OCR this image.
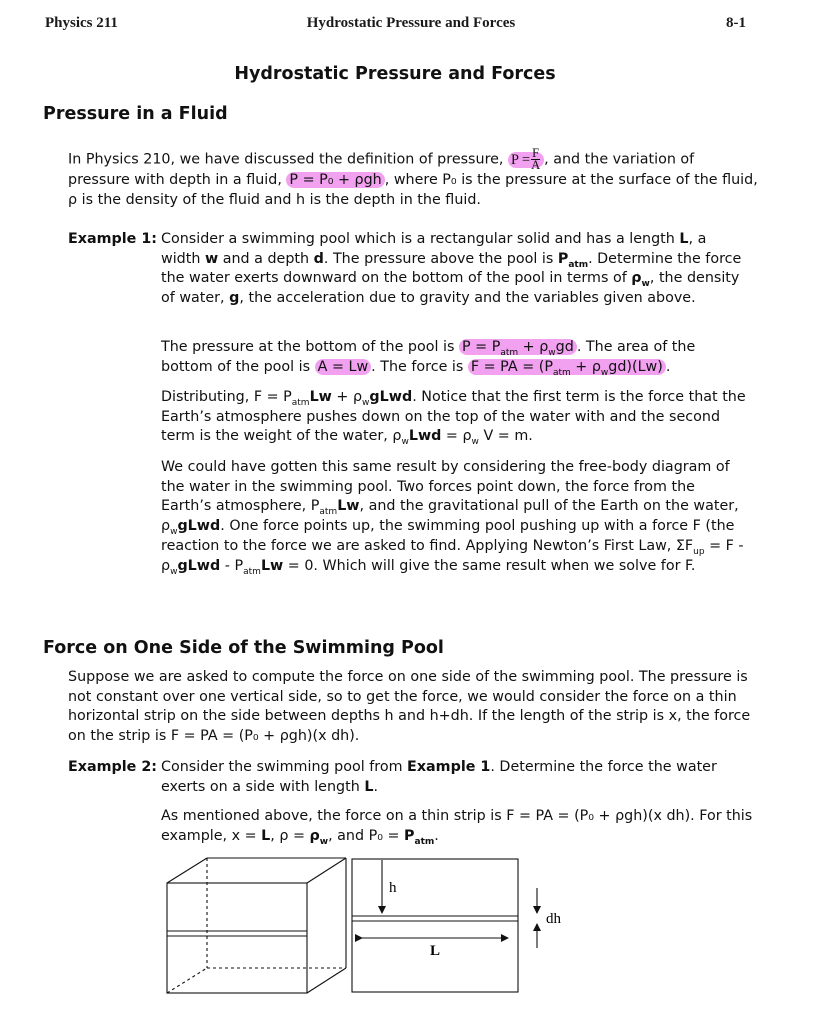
Physics 211	Hydrostatic Pressure and Forces	8-1
Hydrostatic Pressure and Forces
Pressure in a Fluid

In Physics 210, we have discussed the definition of pressure, $P = \frac{F}{A}$ , and the variation of pressure with depth in a fluid, P = P₀ + ρgh , where P₀ is the pressure at the surface of the fluid, ρ is the density of the fluid and h is the depth in the fluid.

Example 1: Consider a swimming pool which is a rectangular solid and has a length L, a width w and a depth d. The pressure above the pool is $P_{atm}$. Determine the force the water exerts downward on the bottom of the pool in terms of $\rho_w$, the density of water, g, the acceleration due to gravity and the variables given above.

The pressure at the bottom of the pool is $P = P_{atm} + \rho_wgd$ . The area of the bottom of the pool is A = Lw . The force is F = PA = $(P_{atm} + \rho_wgd)(Lw)$ .

Distributing, $F = P_{atm}Lw$ + $\rho_wgLwd$. Notice that the first term is the force that the Earth’s atmosphere pushes down on the top of the water with and the second term is the weight of the water, $\rho_wLwd = \rho_w$ V = m.

We could have gotten this same result by considering the free-body diagram of the water in the swimming pool. Two forces point down, the force from the Earth’s atmosphere, $P_{atm}Lw$, and the gravitational pull of the Earth on the water, $\rho_wgLwd$. One force points up, the swimming pool pushing up with a force F (the reaction to the force we are asked to find. Applying Newton’s First Law, $\Sigma F_{up} = F$ - $\rho_wgLwd - P_{atm}Lw = 0$. Which will give the same result when we solve for F.

Force on One Side of the Swimming Pool

Suppose we are asked to compute the force on one side of the swimming pool. The pressure is not constant over one vertical side, so to get the force, we would consider the force on a thin horizontal strip on the side between depths h and h+dh. If the length of the strip is x, the force on the strip is F = PA = (P₀ + ρgh)(x dh).

Example 2: Consider the swimming pool from Example 1. Determine the force the water exerts on a side with length L.

As mentioned above, the force on a thin strip is F = PA = (P₀ + ρgh)(x dh). For this example, x = L, $\rho = \rho_w$, and $P_0 = P_{atm}$.

h
dh
L
